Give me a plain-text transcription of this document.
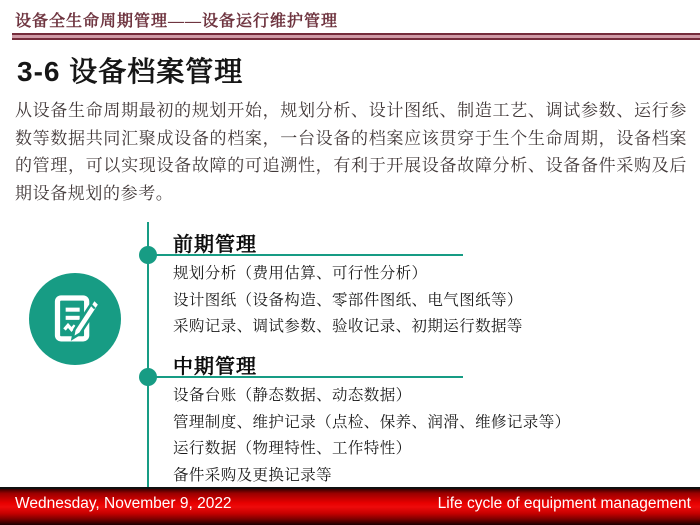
设备全生命周期管理——设备运行维护管理
3-6 设备档案管理
从设备生命周期最初的规划开始，规划分析、设计图纸、制造工艺、调试参数、运行参数等数据共同汇聚成设备的档案，一台设备的档案应该贯穿于生个生命周期，设备档案的管理，可以实现设备故障的可追溯性，有利于开展设备故障分析、设备备件采购及后期设备规划的参考。
前期管理
规划分析（费用估算、可行性分析）
设计图纸（设备构造、零部件图纸、电气图纸等）
采购记录、调试参数、验收记录、初期运行数据等
中期管理
设备台账（静态数据、动态数据）
管理制度、维护记录（点检、保养、润滑、维修记录等）
运行数据（物理特性、工作特性）
备件采购及更换记录等
Wednesday, November 9, 2022	Life cycle of equipment management
